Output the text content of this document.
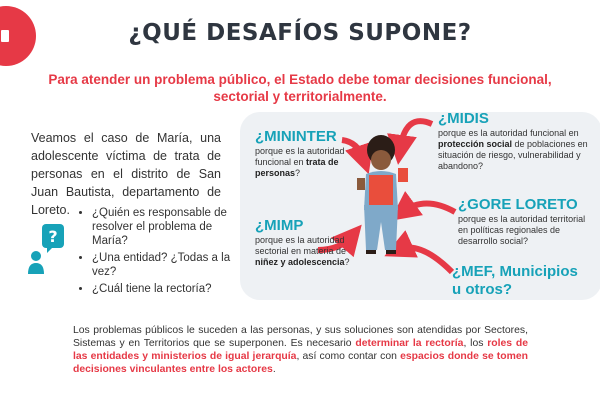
¿QUÉ DESAFÍOS SUPONE?
Para atender un problema público, el Estado debe tomar decisiones funcional, sectorial y territorialmente.
Veamos el caso de María, una adolescente víctima de trata de personas en el distrito de San Juan Bautista, departamento de Loreto.
?
• ¿Quién es responsable de resolver el problema de María?
• ¿Una entidad? ¿Todas a la vez?
• ¿Cuál tiene la rectoría?
¿MININTER
porque es la autoridad funcional en trata de personas?
¿MIMP
porque es la autoridad sectorial en materia de niñez y adolescencia?
¿MIDIS
porque es la autoridad funcional en protección social de poblaciones en situación de riesgo, vulnerabilidad y abandono?
¿GORE LORETO
porque es la autoridad territorial en políticas regionales de desarrollo social?
¿MEF, Municipios
u otros?
Los problemas públicos le suceden a las personas, y sus soluciones son atendidas por Sectores, Sistemas y en Territorios que se superponen. Es necesario determinar la rectoría, los roles de las entidades y ministerios de igual jerarquía, así como contar con espacios donde se tomen decisiones vinculantes entre los actores.
